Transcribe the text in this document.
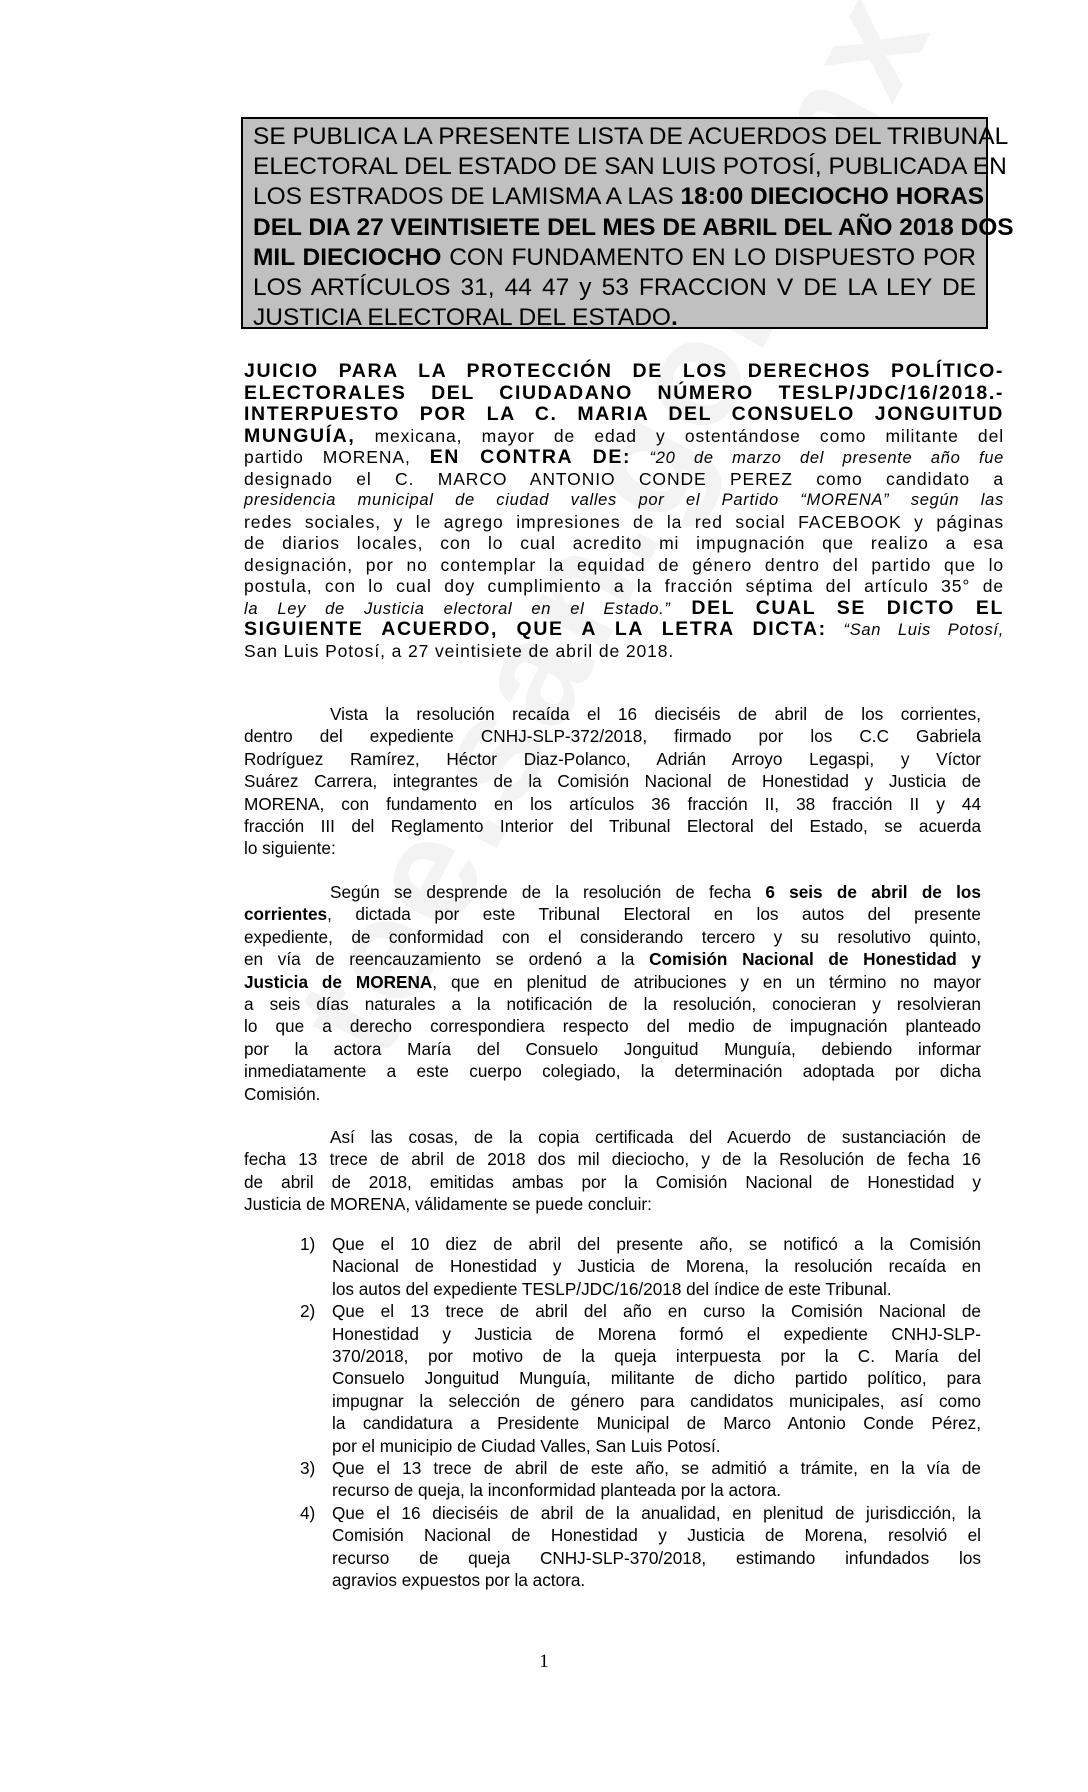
SE PUBLICA LA PRESENTE LISTA DE ACUERDOS DEL TRIBUNAL
ELECTORAL DEL ESTADO DE SAN LUIS POTOSÍ, PUBLICADA EN
LOS ESTRADOS DE LAMISMA A LAS 18:00 DIECIOCHO HORAS
DEL DIA 27 VEINTISIETE DEL MES DE ABRIL DEL AÑO 2018 DOS
MIL DIECIOCHO CON FUNDAMENTO EN LO DISPUESTO POR
LOS ARTÍCULOS 31, 44 47 y 53 FRACCION V DE LA LEY DE
JUSTICIA ELECTORAL DEL ESTADO.
JUICIO PARA LA PROTECCIÓN DE LOS DERECHOS POLÍTICO-
ELECTORALES DEL CIUDADANO NÚMERO TESLP/JDC/16/2018.-
INTERPUESTO POR LA C. MARIA DEL CONSUELO JONGUITUD
MUNGUÍA, mexicana, mayor de edad y ostentándose como militante del
partido MORENA, EN CONTRA DE: “20 de marzo del presente año fue
designado el C. MARCO ANTONIO CONDE PEREZ como candidato a
presidencia municipal de ciudad valles por el Partido “MORENA” según las
redes sociales, y le agrego impresiones de la red social FACEBOOK y páginas
de diarios locales, con lo cual acredito mi impugnación que realizo a esa
designación, por no contemplar la equidad de género dentro del partido que lo
postula, con lo cual doy cumplimiento a la fracción séptima del artículo 35° de
la Ley de Justicia electoral en el Estado.” DEL CUAL SE DICTO EL
SIGUIENTE ACUERDO, QUE A LA LETRA DICTA: “San Luis Potosí,
San Luis Potosí, a 27 veintisiete de abril de 2018.
Vista la resolución recaída el 16 dieciséis de abril de los corrientes,
dentro del expediente CNHJ-SLP-372/2018, firmado por los C.C Gabriela
Rodríguez Ramírez, Héctor Diaz-Polanco, Adrián Arroyo Legaspi, y Víctor
Suárez Carrera, integrantes de la Comisión Nacional de Honestidad y Justicia de
MORENA, con fundamento en los artículos 36 fracción II, 38 fracción II y 44
fracción III del Reglamento Interior del Tribunal Electoral del Estado, se acuerda
lo siguiente:
Según se desprende de la resolución de fecha 6 seis de abril de los
corrientes, dictada por este Tribunal Electoral en los autos del presente
expediente, de conformidad con el considerando tercero y su resolutivo quinto,
en vía de reencauzamiento se ordenó a la Comisión Nacional de Honestidad y
Justicia de MORENA, que en plenitud de atribuciones y en un término no mayor
a seis días naturales a la notificación de la resolución, conocieran y resolvieran
lo que a derecho correspondiera respecto del medio de impugnación planteado
por la actora María del Consuelo Jonguitud Munguía, debiendo informar
inmediatamente a este cuerpo colegiado, la determinación adoptada por dicha
Comisión.
Así las cosas, de la copia certificada del Acuerdo de sustanciación de
fecha 13 trece de abril de 2018 dos mil dieciocho, y de la Resolución de fecha 16
de abril de 2018, emitidas ambas por la Comisión Nacional de Honestidad y
Justicia de MORENA, válidamente se puede concluir:
1) Que el 10 diez de abril del presente año, se notificó a la Comisión
Nacional de Honestidad y Justicia de Morena, la resolución recaída en
los autos del expediente TESLP/JDC/16/2018 del índice de este Tribunal.
2) Que el 13 trece de abril del año en curso la Comisión Nacional de
Honestidad y Justicia de Morena formó el expediente CNHJ-SLP-
370/2018, por motivo de la queja interpuesta por la C. María del
Consuelo Jonguitud Munguía, militante de dicho partido político, para
impugnar la selección de género para candidatos municipales, así como
la candidatura a Presidente Municipal de Marco Antonio Conde Pérez,
por el municipio de Ciudad Valles, San Luis Potosí.
3) Que el 13 trece de abril de este año, se admitió a trámite, en la vía de
recurso de queja, la inconformidad planteada por la actora.
4) Que el 16 dieciséis de abril de la anualidad, en plenitud de jurisdicción, la
Comisión Nacional de Honestidad y Justicia de Morena, resolvió el
recurso de queja CNHJ-SLP-370/2018, estimando infundados los
agravios expuestos por la actora.
1
